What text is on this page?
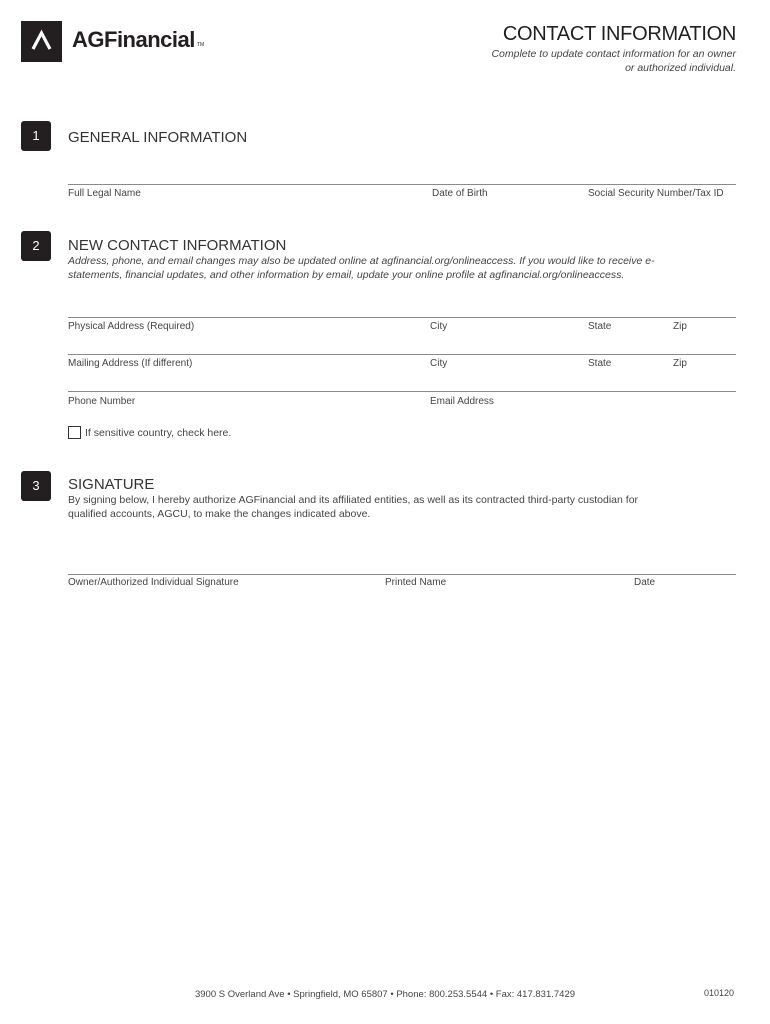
AGFinancial TM	CONTACT INFORMATION
Complete to update contact information for an owner
or authorized individual.
1	GENERAL INFORMATION
Full Legal Name	Date of Birth	Social Security Number/Tax ID
2	NEW CONTACT INFORMATION
Address, phone, and email changes may also be updated online at agfinancial.org/onlineaccess. If you would like to receive e-
statements, financial updates, and other information by email, update your online profile at agfinancial.org/onlineaccess.
Physical Address (Required)	City	State	Zip
Mailing Address (If different)	City	State	Zip
Phone Number	Email Address
If sensitive country, check here.
3	SIGNATURE
By signing below, I hereby authorize AGFinancial and its affiliated entities, as well as its contracted third-party custodian for
qualified accounts, AGCU, to make the changes indicated above.
Owner/Authorized Individual Signature	Printed Name	Date
3900 S Overland Ave • Springfield, MO 65807 • Phone: 800.253.5544 • Fax: 417.831.7429	010120
